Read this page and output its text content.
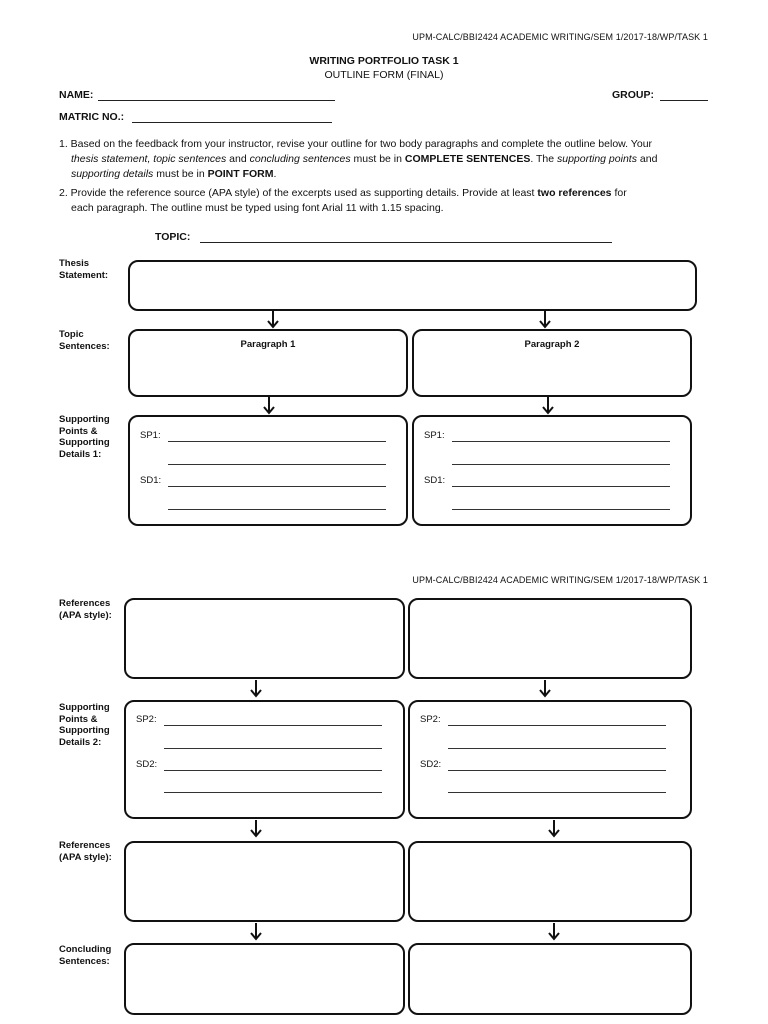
UPM-CALC/BBI2424 ACADEMIC WRITING/SEM 1/2017-18/WP/TASK 1
WRITING PORTFOLIO TASK 1
OUTLINE FORM (FINAL)
NAME:	GROUP:
MATRIC NO.:
1. Based on the feedback from your instructor, revise your outline for two body paragraphs and complete the outline below. Your
thesis statement, topic sentences and concluding sentences must be in COMPLETE SENTENCES. The supporting points and
supporting details must be in POINT FORM.
2. Provide the reference source (APA style) of the excerpts used as supporting details. Provide at least two references for
each paragraph. The outline must be typed using font Arial 11 with 1.15 spacing.
TOPIC:
Thesis
Statement:
Topic
Sentences:
Supporting
Points &
Supporting
Details 1:
Paragraph 1	Paragraph 2
SP1:
SD1:
SP1:
SD1:
UPM-CALC/BBI2424 ACADEMIC WRITING/SEM 1/2017-18/WP/TASK 1
References
(APA style):
Supporting
Points &
Supporting
Details 2:
References
(APA style):
Concluding
Sentences:
SP2:
SD2:
SP2:
SD2:
